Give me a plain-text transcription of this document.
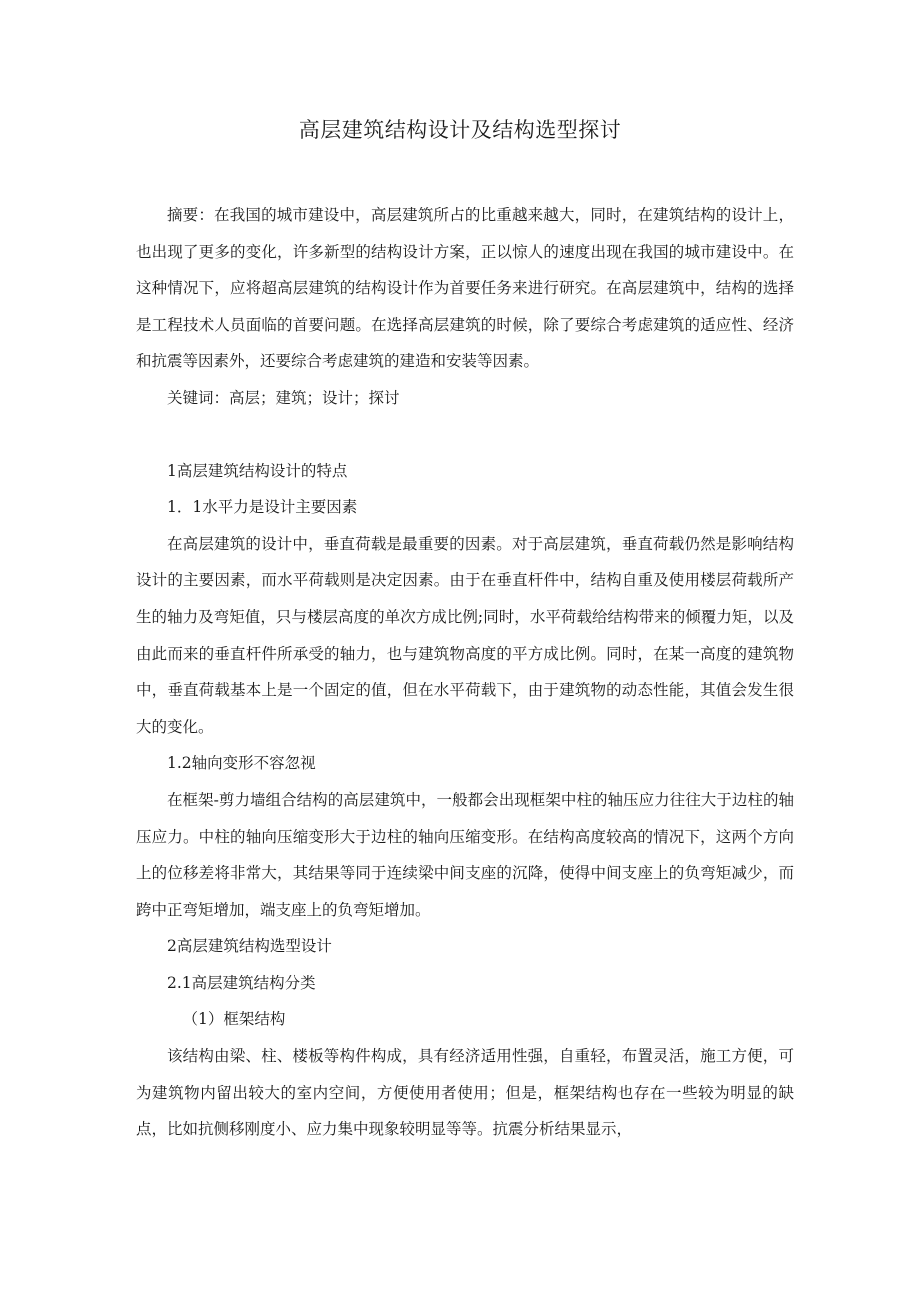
高层建筑结构设计及结构选型探讨

摘要：在我国的城市建设中，高层建筑所占的比重越来越大，同时，在建筑结构的设计上，也出现了更多的变化，许多新型的结构设计方案，正以惊人的速度出现在我国的城市建设中。在这种情况下，应将超高层建筑的结构设计作为首要任务来进行研究。在高层建筑中，结构的选择是工程技术人员面临的首要问题。在选择高层建筑的时候，除了要综合考虑建筑的适应性、经济和抗震等因素外，还要综合考虑建筑的建造和安装等因素。

关键词：高层；建筑；设计；探讨

1高层建筑结构设计的特点

1．1水平力是设计主要因素

在高层建筑的设计中，垂直荷载是最重要的因素。对于高层建筑，垂直荷载仍然是影响结构设计的主要因素，而水平荷载则是决定因素。由于在垂直杆件中，结构自重及使用楼层荷载所产生的轴力及弯矩值，只与楼层高度的单次方成比例;同时，水平荷载给结构带来的倾覆力矩，以及由此而来的垂直杆件所承受的轴力，也与建筑物高度的平方成比例。同时，在某一高度的建筑物中，垂直荷载基本上是一个固定的值，但在水平荷载下，由于建筑物的动态性能，其值会发生很大的变化。

1.2轴向变形不容忽视

在框架-剪力墙组合结构的高层建筑中，一般都会出现框架中柱的轴压应力往往大于边柱的轴压应力。中柱的轴向压缩变形大于边柱的轴向压缩变形。在结构高度较高的情况下，这两个方向上的位移差将非常大，其结果等同于连续梁中间支座的沉降，使得中间支座上的负弯矩减少，而跨中正弯矩增加，端支座上的负弯矩增加。

2高层建筑结构选型设计

2.1高层建筑结构分类

（1）框架结构

该结构由梁、柱、楼板等构件构成，具有经济适用性强，自重轻，布置灵活，施工方便，可为建筑物内留出较大的室内空间，方便使用者使用；但是，框架结构也存在一些较为明显的缺点，比如抗侧移刚度小、应力集中现象较明显等等。抗震分析结果显示，
